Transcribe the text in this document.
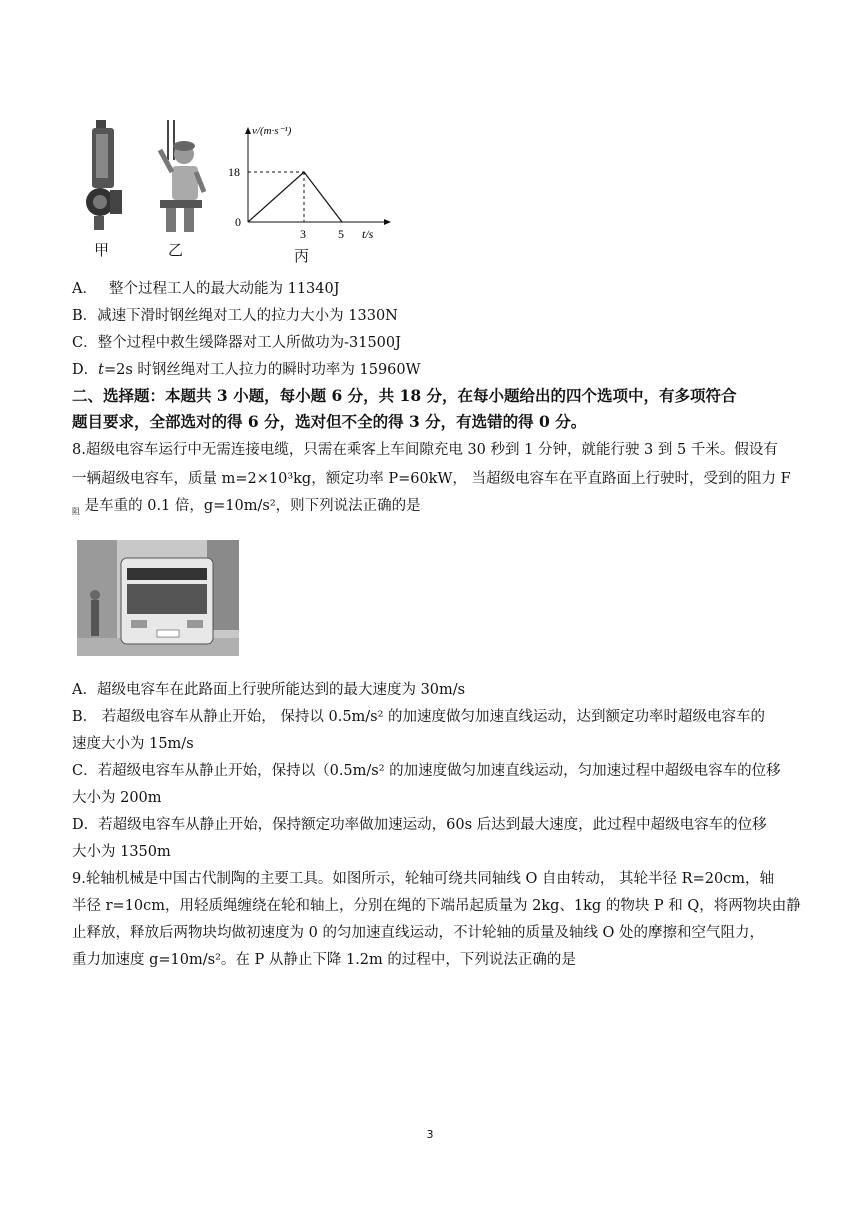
v/(m·s⁻¹)
18
0
3	5 t/s
甲	乙	丙
A． 整个过程工人的最大动能为 11340J
B．减速下滑时钢丝绳对工人的拉力大小为 1330N
C．整个过程中救生缓降器对工人所做功为-31500J
D．t=2s 时钢丝绳对工人拉力的瞬时功率为 15960W
二、选择题：本题共 3 小题，每小题 6 分，共 18 分，在每小题给出的四个选项中，有多项符合
题目要求，全部选对的得 6 分，选对但不全的得 3 分，有选错的得 0 分。
8.超级电容车运行中无需连接电缆，只需在乘客上车间隙充电 30 秒到 1 分钟，就能行驶 3 到 5 千米。假设有
一辆超级电容车，质量 m=2×10³kg，额定功率 P=60kW， 当超级电容车在平直路面上行驶时，受到的阻力 F
$_阻$ 是车重的 0.1 倍，g=10m/s²，则下列说法正确的是
A．超级电容车在此路面上行驶所能达到的最大速度为 30m/s
B． 若超级电容车从静止开始， 保持以 0.5m/s² 的加速度做匀加速直线运动，达到额定功率时超级电容车的
速度大小为 15m/s
C．若超级电容车从静止开始，保持以（0.5m/s² 的加速度做匀加速直线运动，匀加速过程中超级电容车的位移
大小为 200m
D．若超级电容车从静止开始，保持额定功率做加速运动，60s 后达到最大速度，此过程中超级电容车的位移
大小为 1350m
9.轮轴机械是中国古代制陶的主要工具。如图所示，轮轴可绕共同轴线 O 自由转动， 其轮半径 R=20cm，轴
半径 r=10cm，用轻质绳缠绕在轮和轴上，分别在绳的下端吊起质量为 2kg、1kg 的物块 P 和 Q，将两物块由静
止释放，释放后两物块均做初速度为 0 的匀加速直线运动，不计轮轴的质量及轴线 O 处的摩擦和空气阻力，
重力加速度 g=10m/s²。在 P 从静止下降 1.2m 的过程中，下列说法正确的是
3
